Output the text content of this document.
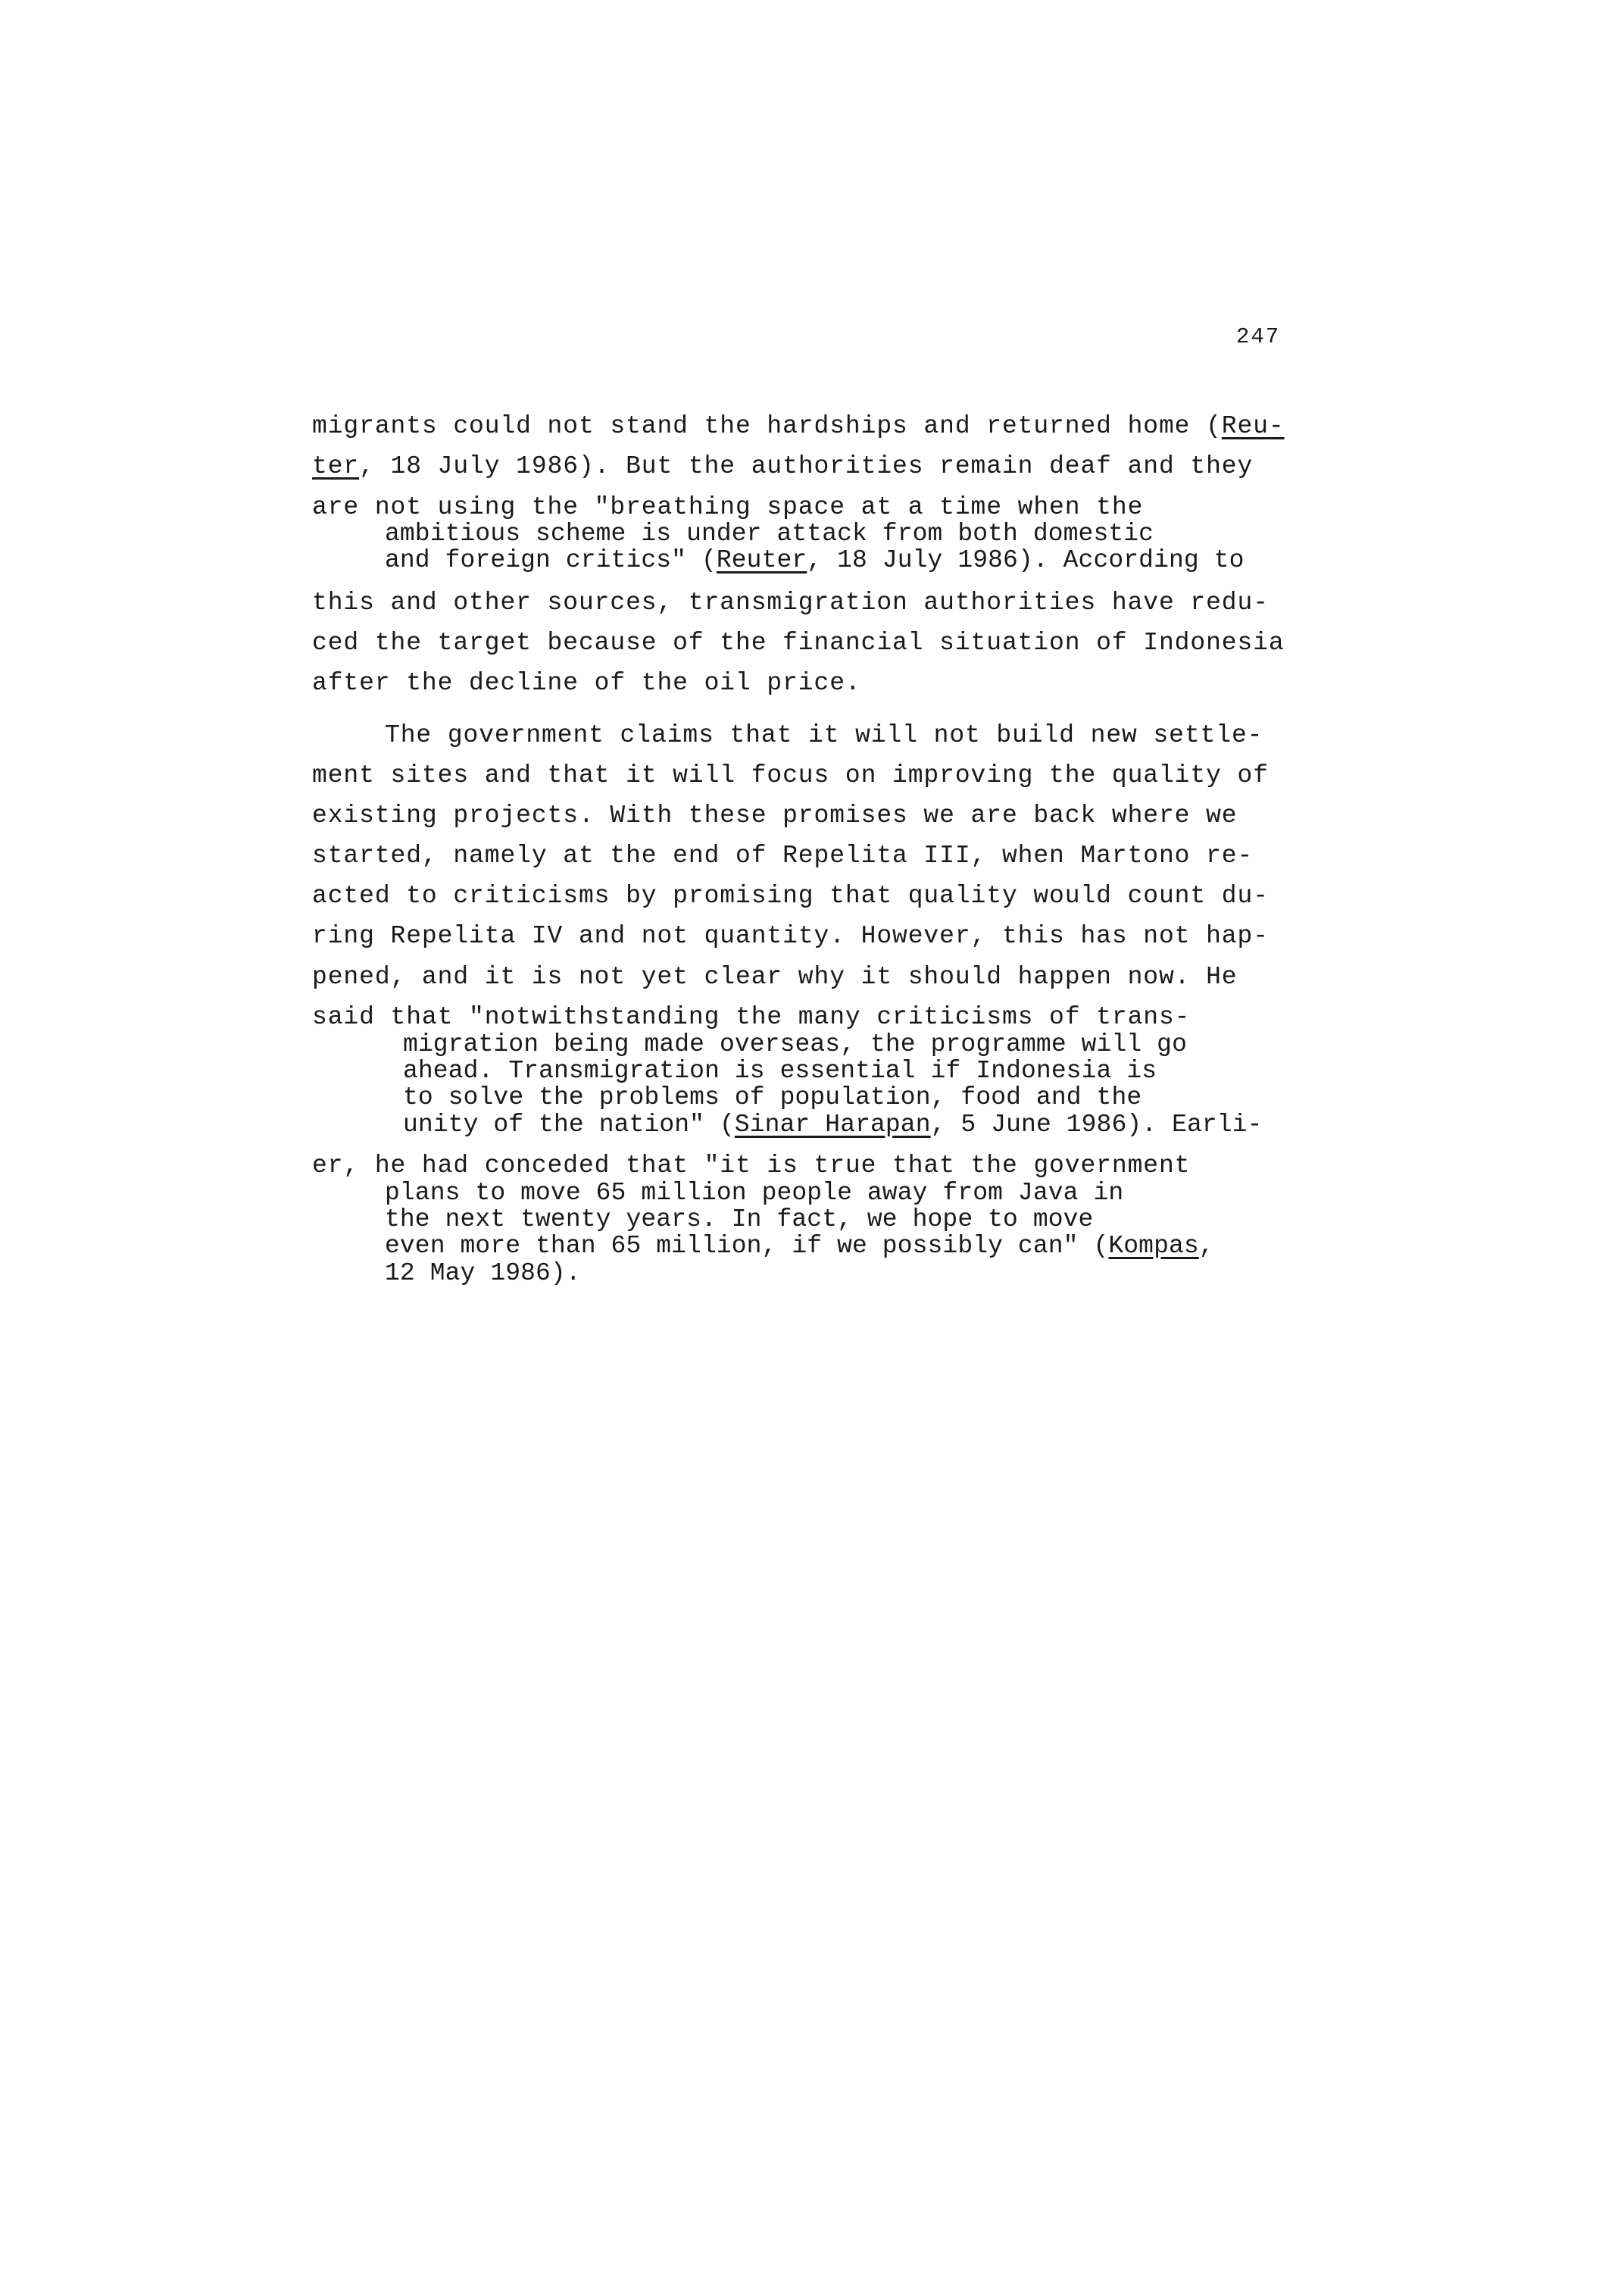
247
migrants could not stand the hardships and returned home (Reu-
ter, 18 July 1986). But the authorities remain deaf and they
are not using the "breathing space at a time when the
ambitious scheme is under attack from both domestic
and foreign critics" (Reuter, 18 July 1986). According to
this and other sources, transmigration authorities have redu-
ced the target because of the financial situation of Indonesia
after the decline of the oil price.
The government claims that it will not build new settle-
ment sites and that it will focus on improving the quality of
existing projects. With these promises we are back where we
started, namely at the end of Repelita III, when Martono re-
acted to criticisms by promising that quality would count du-
ring Repelita IV and not quantity. However, this has not hap-
pened, and it is not yet clear why it should happen now. He
said that "notwithstanding the many criticisms of trans-
migration being made overseas, the programme will go
ahead. Transmigration is essential if Indonesia is
to solve the problems of population, food and the
unity of the nation" (Sinar Harapan, 5 June 1986). Earli-
er, he had conceded that "it is true that the government
plans to move 65 million people away from Java in
the next twenty years. In fact, we hope to move
even more than 65 million, if we possibly can" (Kompas,
12 May 1986).
